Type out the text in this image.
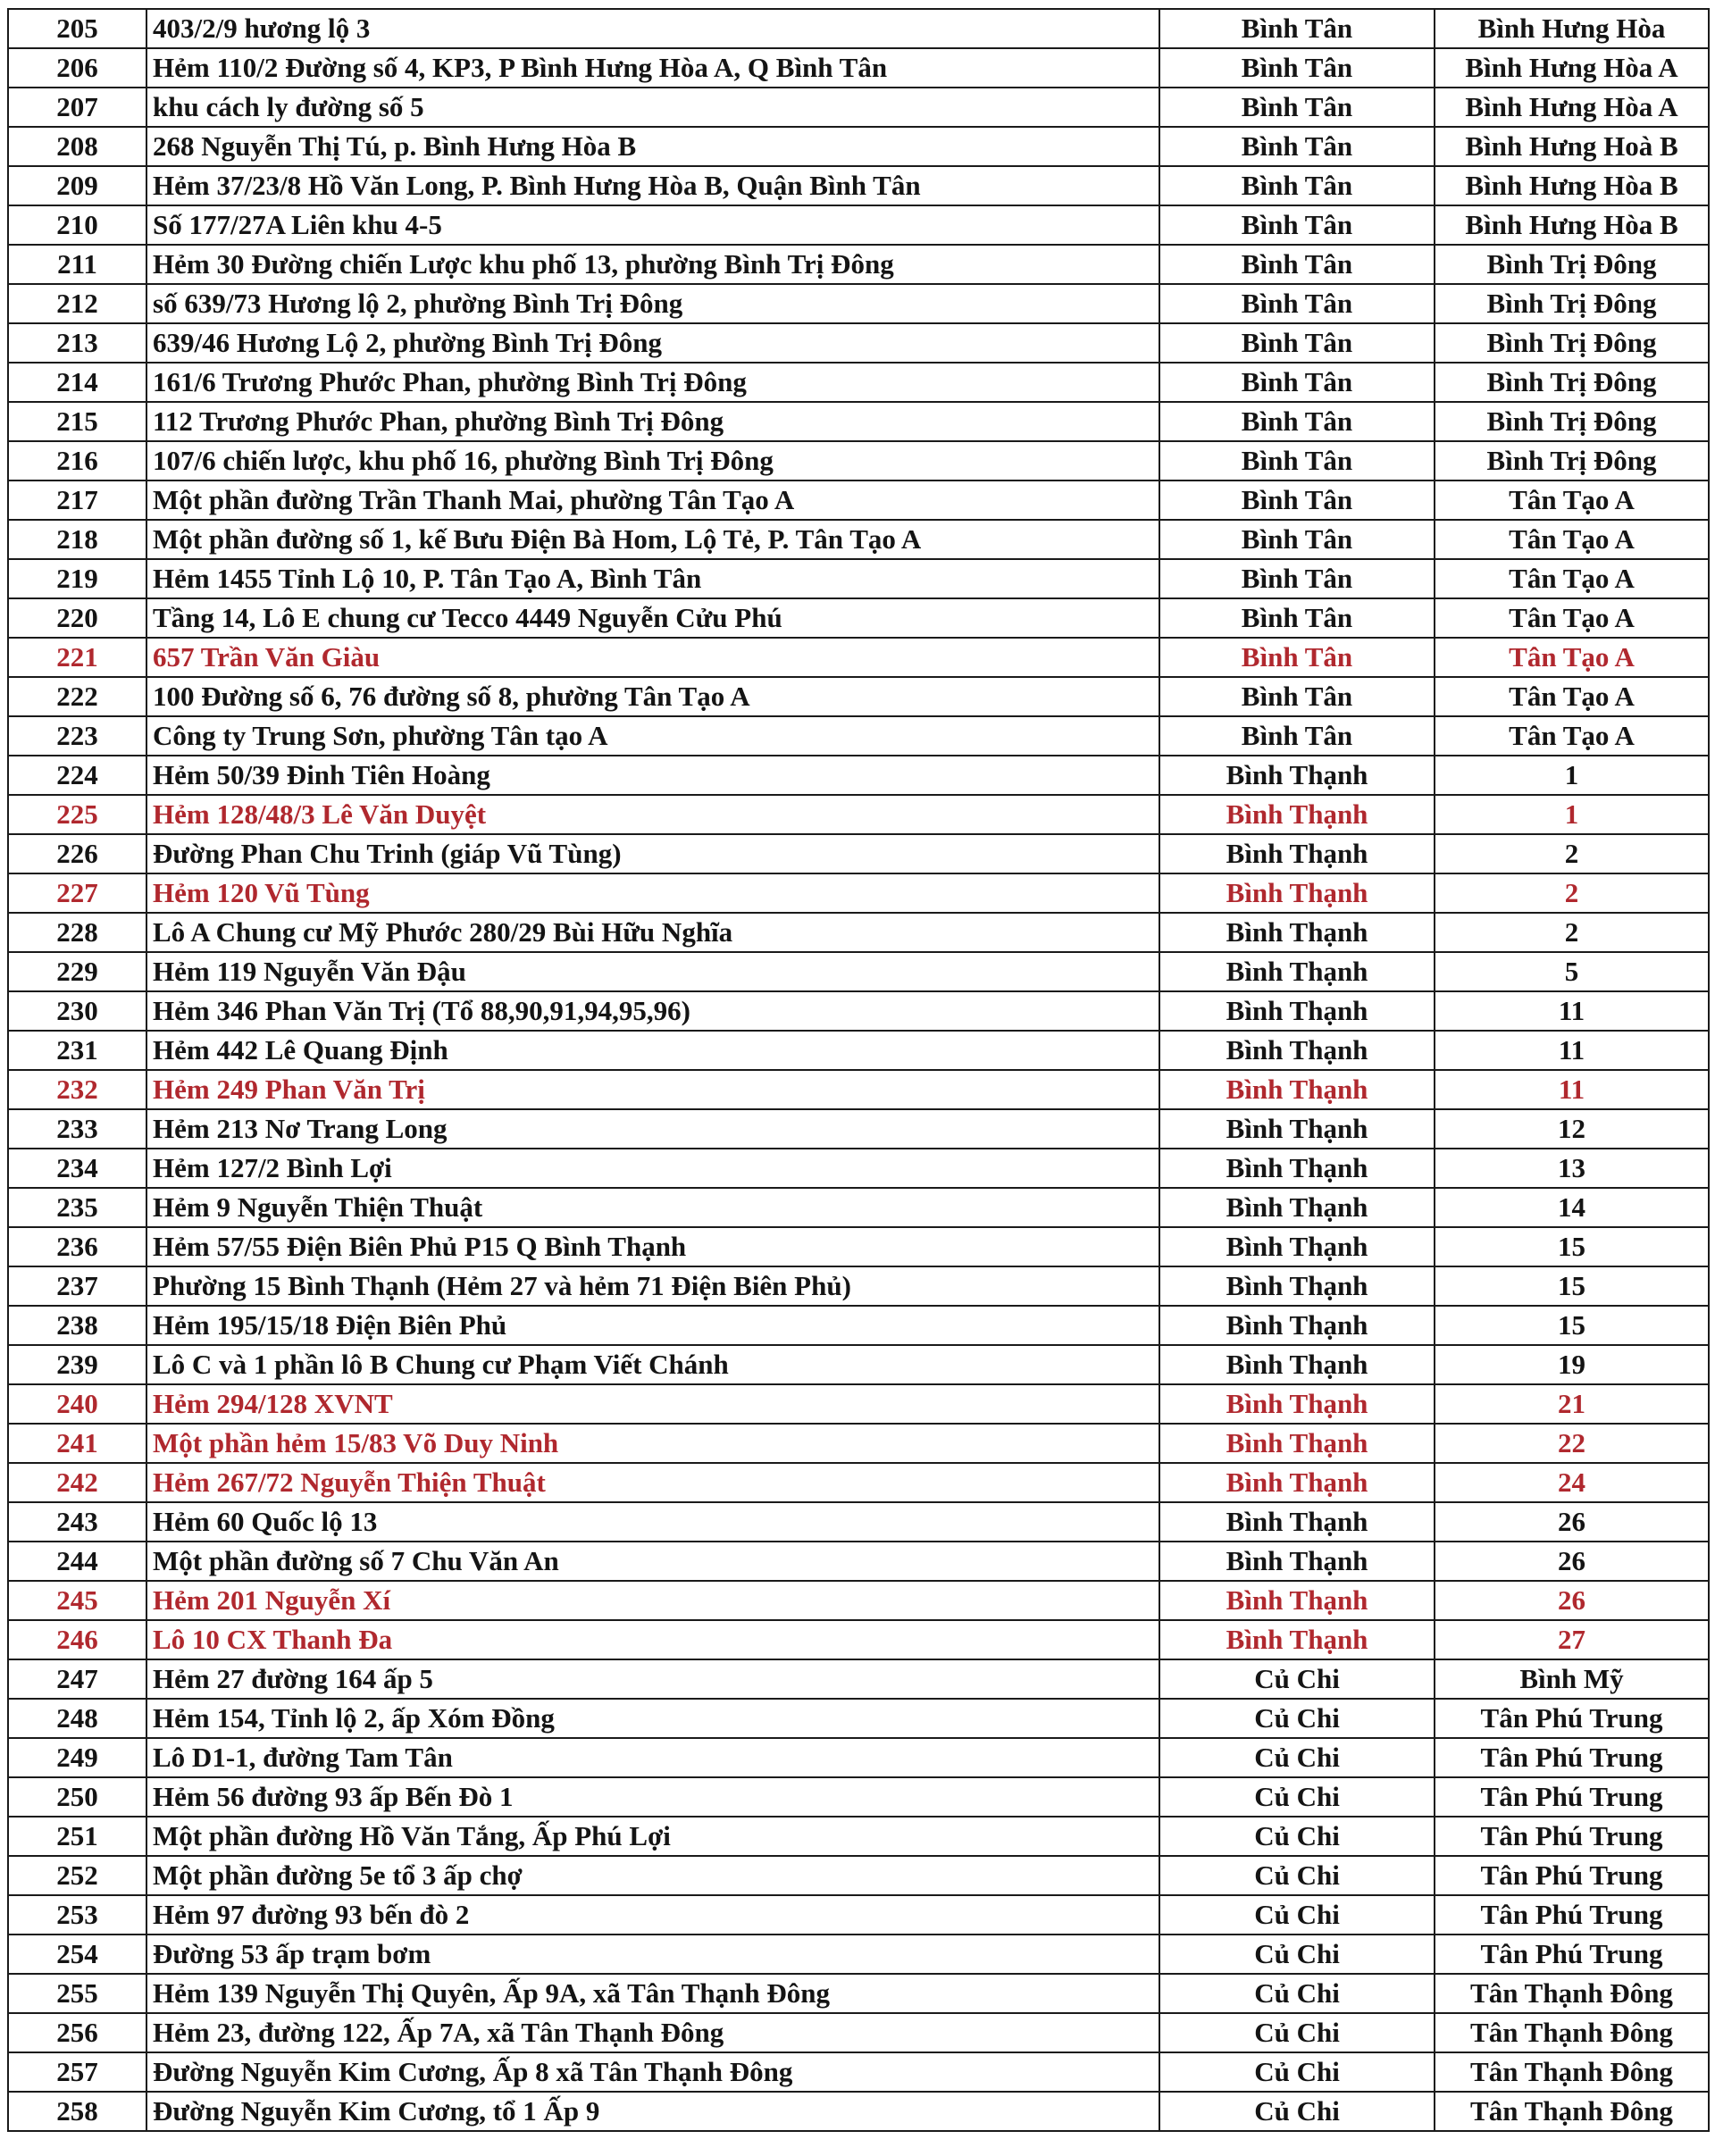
205	403/2/9 hương lộ 3	Bình Tân	Bình Hưng Hòa
206	Hẻm 110/2 Đường số 4, KP3, P Bình Hưng Hòa A, Q Bình Tân	Bình Tân	Bình Hưng Hòa A
207	khu cách ly đường số 5	Bình Tân	Bình Hưng Hòa A
208	268 Nguyễn Thị Tú, p. Bình Hưng Hòa B	Bình Tân	Bình Hưng Hoà B
209	Hẻm 37/23/8 Hồ Văn Long, P. Bình Hưng Hòa B, Quận Bình Tân	Bình Tân	Bình Hưng Hòa B
210	Số 177/27A Liên khu 4-5	Bình Tân	Bình Hưng Hòa B
211	Hẻm 30 Đường chiến Lược khu phố 13, phường Bình Trị Đông	Bình Tân	Bình Trị Đông
212	số 639/73 Hương lộ 2, phường Bình Trị Đông	Bình Tân	Bình Trị Đông
213	639/46 Hương Lộ 2, phường Bình Trị Đông	Bình Tân	Bình Trị Đông
214	161/6 Trương Phước Phan, phường Bình Trị Đông	Bình Tân	Bình Trị Đông
215	112 Trương Phước Phan, phường Bình Trị Đông	Bình Tân	Bình Trị Đông
216	107/6 chiến lược, khu phố 16, phường Bình Trị Đông	Bình Tân	Bình Trị Đông
217	Một phần đường Trần Thanh Mai, phường Tân Tạo A	Bình Tân	Tân Tạo A
218	Một phần đường số 1, kế Bưu Điện Bà Hom, Lộ Tẻ, P. Tân Tạo A	Bình Tân	Tân Tạo A
219	Hẻm 1455 Tỉnh Lộ 10, P. Tân Tạo A, Bình Tân	Bình Tân	Tân Tạo A
220	Tầng 14, Lô E chung cư Tecco 4449 Nguyễn Cửu Phú	Bình Tân	Tân Tạo A
221	657 Trần Văn Giàu	Bình Tân	Tân Tạo A
222	100 Đường số 6, 76 đường số 8, phường Tân Tạo A	Bình Tân	Tân Tạo A
223	Công ty Trung Sơn, phường Tân tạo A	Bình Tân	Tân Tạo A
224	Hẻm 50/39 Đinh Tiên Hoàng	Bình Thạnh	1
225	Hẻm 128/48/3 Lê Văn Duyệt	Bình Thạnh	1
226	Đường Phan Chu Trinh (giáp Vũ Tùng)	Bình Thạnh	2
227	Hẻm 120 Vũ Tùng	Bình Thạnh	2
228	Lô A Chung cư Mỹ Phước 280/29 Bùi Hữu Nghĩa	Bình Thạnh	2
229	Hẻm 119 Nguyễn Văn Đậu	Bình Thạnh	5
230	Hẻm 346 Phan Văn Trị (Tổ 88,90,91,94,95,96)	Bình Thạnh	11
231	Hẻm 442 Lê Quang Định	Bình Thạnh	11
232	Hẻm 249 Phan Văn Trị	Bình Thạnh	11
233	Hẻm 213 Nơ Trang Long	Bình Thạnh	12
234	Hẻm 127/2 Bình Lợi	Bình Thạnh	13
235	Hẻm 9 Nguyễn Thiện Thuật	Bình Thạnh	14
236	Hẻm 57/55 Điện Biên Phủ P15 Q Bình Thạnh	Bình Thạnh	15
237	Phường 15 Bình Thạnh (Hẻm 27 và hẻm 71 Điện Biên Phủ)	Bình Thạnh	15
238	Hẻm 195/15/18 Điện Biên Phủ	Bình Thạnh	15
239	Lô C và 1 phần lô B Chung cư Phạm Viết Chánh	Bình Thạnh	19
240	Hẻm 294/128 XVNT	Bình Thạnh	21
241	Một phần hẻm 15/83 Võ Duy Ninh	Bình Thạnh	22
242	Hẻm 267/72 Nguyễn Thiện Thuật	Bình Thạnh	24
243	Hẻm 60 Quốc lộ 13	Bình Thạnh	26
244	Một phần đường số 7 Chu Văn An	Bình Thạnh	26
245	Hẻm 201 Nguyễn Xí	Bình Thạnh	26
246	Lô 10 CX Thanh Đa	Bình Thạnh	27
247	Hẻm 27 đường 164 ấp 5	Củ Chi	Bình Mỹ
248	Hẻm 154, Tỉnh lộ 2, ấp Xóm Đồng	Củ Chi	Tân Phú Trung
249	Lô D1-1, đường Tam Tân	Củ Chi	Tân Phú Trung
250	Hẻm 56 đường 93 ấp Bến Đò 1	Củ Chi	Tân Phú Trung
251	Một phần đường Hồ Văn Tắng, Ấp Phú Lợi	Củ Chi	Tân Phú Trung
252	Một phần đường 5e tổ 3 ấp chợ	Củ Chi	Tân Phú Trung
253	Hẻm 97 đường 93 bến đò 2	Củ Chi	Tân Phú Trung
254	Đường 53 ấp trạm bơm	Củ Chi	Tân Phú Trung
255	Hẻm 139 Nguyễn Thị Quyên, Ấp 9A, xã Tân Thạnh Đông	Củ Chi	Tân Thạnh Đông
256	Hẻm 23, đường 122, Ấp 7A, xã Tân Thạnh Đông	Củ Chi	Tân Thạnh Đông
257	Đường Nguyễn Kim Cương, Ấp 8 xã Tân Thạnh Đông	Củ Chi	Tân Thạnh Đông
258	Đường Nguyễn Kim Cương, tổ 1 Ấp 9	Củ Chi	Tân Thạnh Đông
